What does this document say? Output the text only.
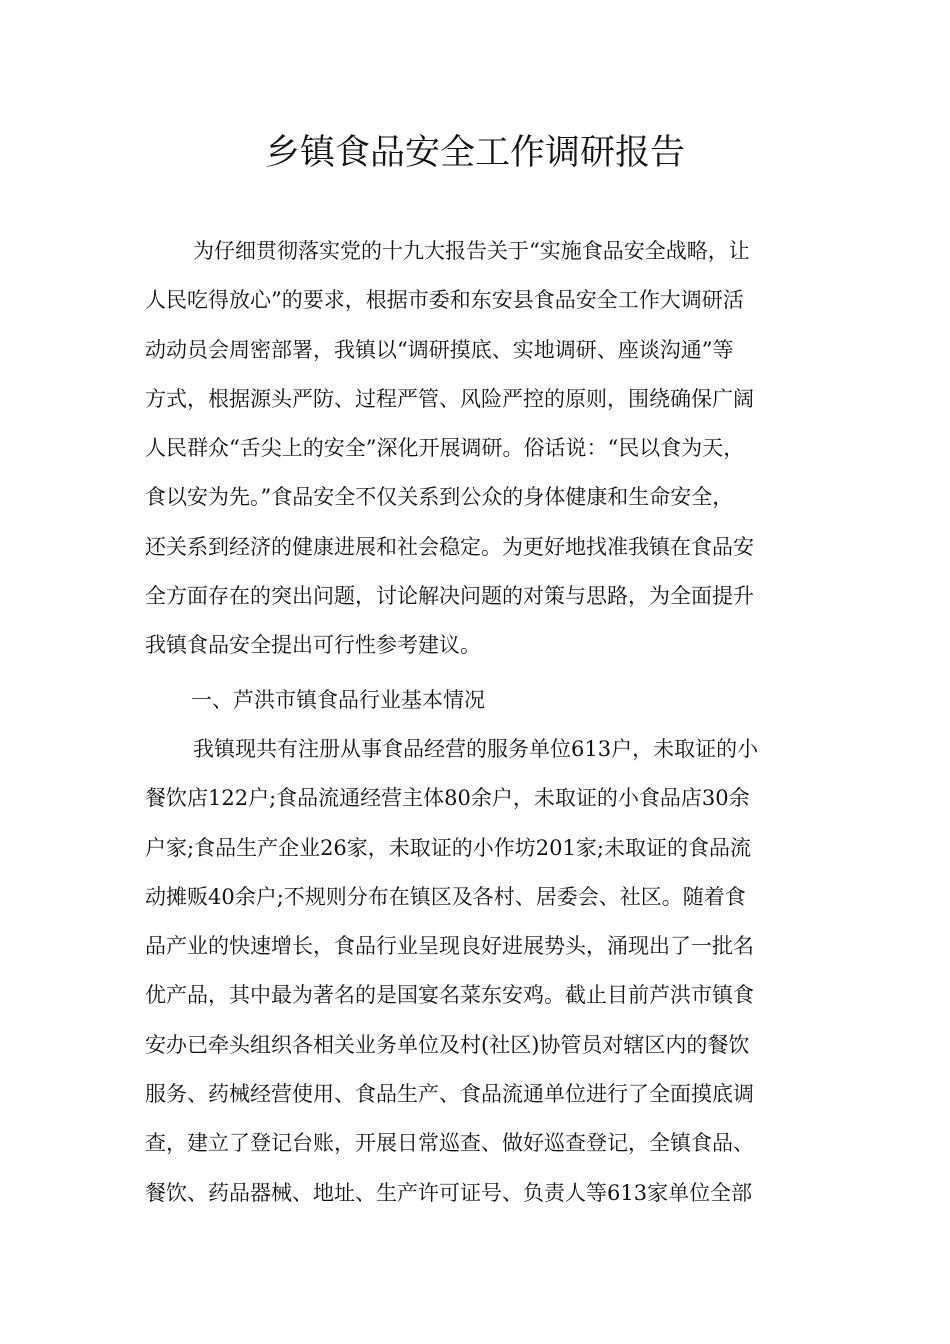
乡镇食品安全工作调研报告
为仔细贯彻落实党的十九大报告关于“实施食品安全战略，让
人民吃得放心”的要求，根据市委和东安县食品安全工作大调研活
动动员会周密部署，我镇以“调研摸底、实地调研、座谈沟通”等
方式，根据源头严防、过程严管、风险严控的原则，围绕确保广阔
人民群众“舌尖上的安全”深化开展调研。俗话说：“民以食为天，
食以安为先。”食品安全不仅关系到公众的身体健康和生命安全，
还关系到经济的健康进展和社会稳定。为更好地找准我镇在食品安
全方面存在的突出问题，讨论解决问题的对策与思路，为全面提升
我镇食品安全提出可行性参考建议。
一、芦洪市镇食品行业基本情况
我镇现共有注册从事食品经营的服务单位613户，未取证的小
餐饮店122户;食品流通经营主体80余户，未取证的小食品店30余
户家;食品生产企业26家，未取证的小作坊201家;未取证的食品流
动摊贩40余户;不规则分布在镇区及各村、居委会、社区。随着食
品产业的快速增长，食品行业呈现良好进展势头，涌现出了一批名
优产品，其中最为著名的是国宴名菜东安鸡。截止目前芦洪市镇食
安办已牵头组织各相关业务单位及村(社区)协管员对辖区内的餐饮
服务、药械经营使用、食品生产、食品流通单位进行了全面摸底调
查，建立了登记台账，开展日常巡查、做好巡查登记，全镇食品、
餐饮、药品器械、地址、生产许可证号、负责人等613家单位全部
